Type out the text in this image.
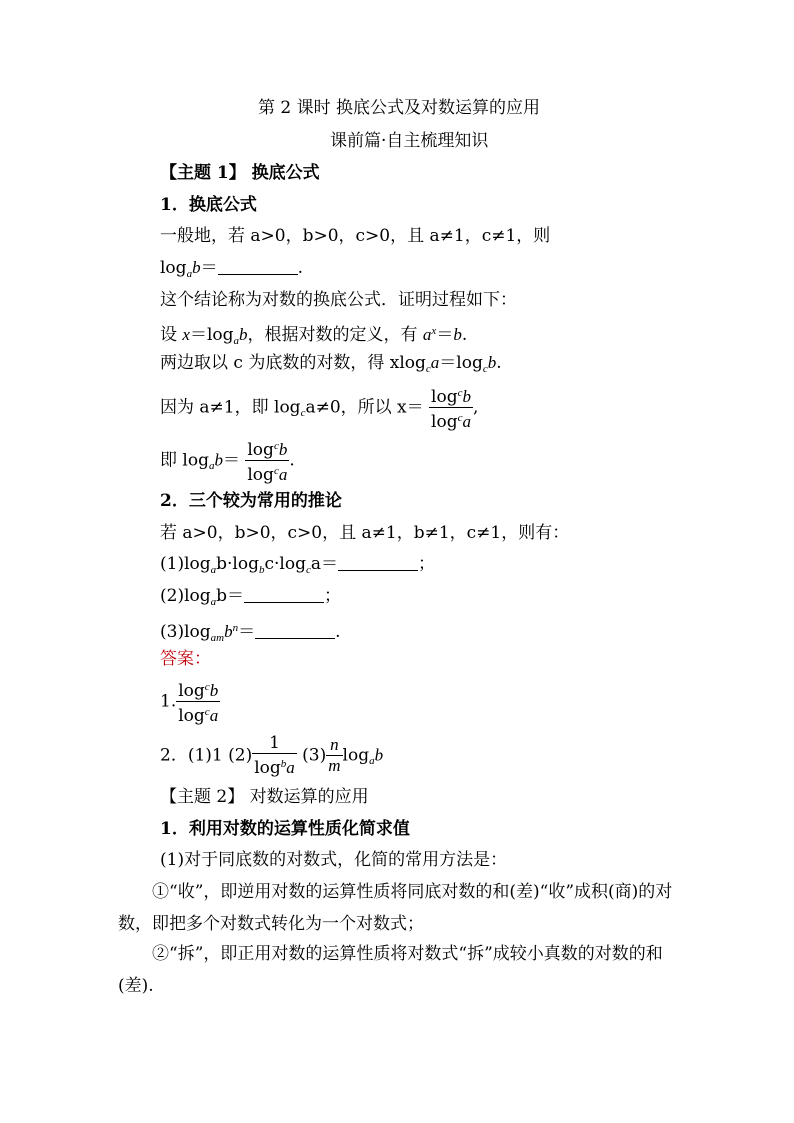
第 2 课时 换底公式及对数运算的应用
课前篇·自主梳理知识
【主题 1】 换底公式
1．换底公式
一般地，若 a>0，b>0，c>0，且 a≠1，c≠1，则
$\log_ab=$	.
这个结论称为对数的换底公式．证明过程如下：
设 $x=\log_ab$，根据对数的定义，有 $a^x=b$.
两边取以 c 为底数的对数，得 $xlog_ca=\log_cb$.
因为 a≠1，即 $\log_ca\ne 0$，所以 $x= \frac{\log^cb}{\log^ca}$ ,
即 $\log_ab= \frac{\log^cb}{\log^ca}$ .
2．三个较为常用的推论
若 a>0，b>0，c>0，且 a≠1，b≠1，c≠1，则有：
$(1)\log_ab\cdot\log_bc\cdot\log_ca=$	；
$(2)\log_ab=$	；
$(3)\log_{am}b^n=$	.
答案：
1. $\frac{\log^cb}{\log^ca}$
2．(1)1 $(2) \frac{1}{\log^ba} (3) \frac{n}{m} \log_ab$
【主题 2】 对数运算的应用
1．利用对数的运算性质化简求值
(1)对于同底数的对数式，化简的常用方法是：
①“收”，即逆用对数的运算性质将同底对数的和(差)“收”成积(商)的对数，即把多个对数式转化为一个对数式；
②“拆”，即正用对数的运算性质将对数式“拆”成较小真数的对数的和(差).
